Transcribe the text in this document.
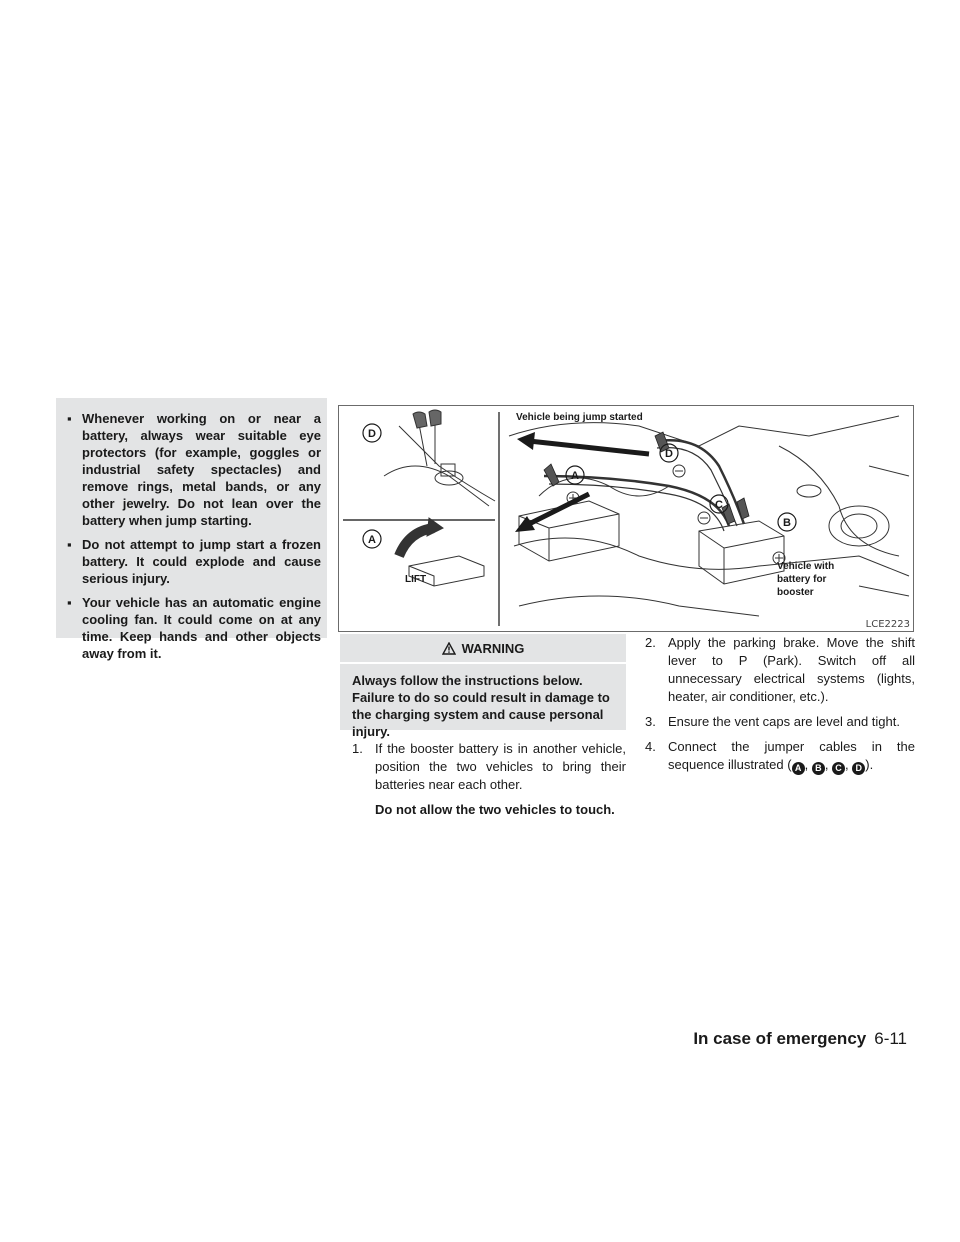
▪ Whenever working on or near a battery, always wear suitable eye protectors (for example, goggles or industrial safety spectacles) and remove rings, metal bands, or any other jewelry. Do not lean over the battery when jump starting.
▪ Do not attempt to jump start a frozen battery. It could explode and cause serious injury.
▪ Your vehicle has an automatic engine cooling fan. It could come on at any time. Keep hands and other objects away from it.
D
A
A
D
C
B
LIFT
Vehicle being jump started
Vehicle with
battery for
booster
LCE2223
WARNING
Always follow the instructions below. Failure to do so could result in damage to the charging system and cause personal injury.
1. If the booster battery is in another vehicle, position the two vehicles to bring their batteries near each other.
Do not allow the two vehicles to touch.
2. Apply the parking brake. Move the shift lever to P (Park). Switch off all unnecessary electrical systems (lights, heater, air conditioner, etc.).
3. Ensure the vent caps are level and tight.
4. Connect the jumper cables in the sequence illustrated ( A , B , C , D ).
In case of emergency 6-11
